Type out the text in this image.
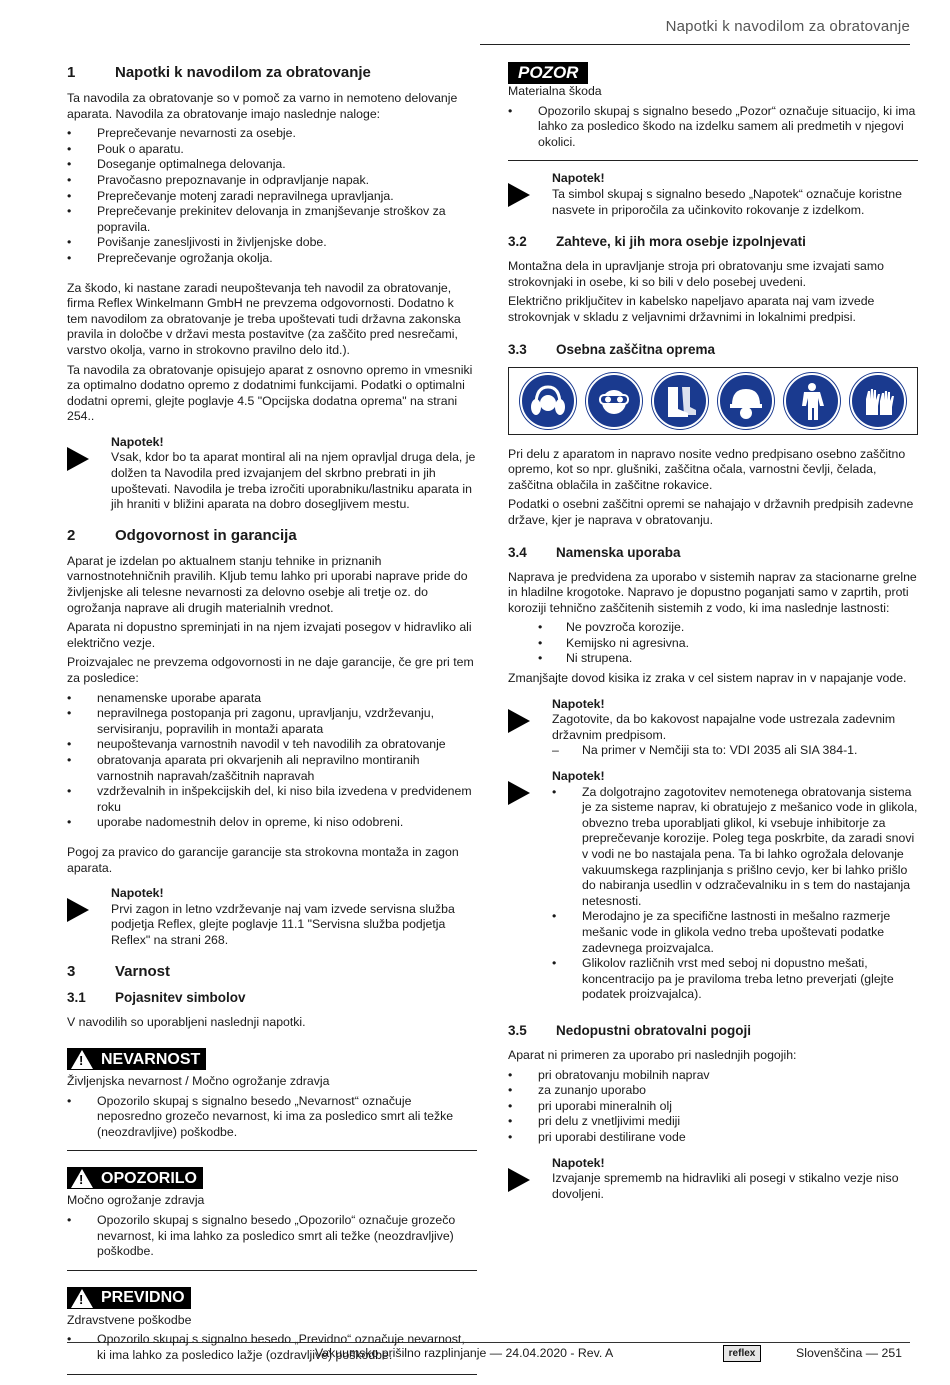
Napotki k navodilom za obratovanje
1	Napotki k navodilom za obratovanje

Ta navodila za obratovanje so v pomoč za varno in nemoteno delovanje aparata. Navodila za obratovanje imajo naslednje naloge:

• Preprečevanje nevarnosti za osebje.
• Pouk o aparatu.
• Doseganje optimalnega delovanja.
• Pravočasno prepoznavanje in odpravljanje napak.
• Preprečevanje motenj zaradi nepravilnega upravljanja.
• Preprečevanje prekinitev delovanja in zmanjševanje stroškov za popravila.
• Povišanje zanesljivosti in življenjske dobe.
• Preprečevanje ogrožanja okolja.

Za škodo, ki nastane zaradi neupoštevanja teh navodil za obratovanje, firma Reflex Winkelmann GmbH ne prevzema odgovornosti. Dodatno k tem navodilom za obratovanje je treba upoštevati tudi državna zakonska pravila in določbe v državi mesta postavitve (za zaščito pred nesrečami, varstvo okolja, varno in strokovno pravilno delo itd.).

Ta navodila za obratovanje opisujejo aparat z osnovno opremo in vmesniki za optimalno dodatno opremo z dodatnimi funkcijami. Podatki o optimalni dodatni opremi, glejte poglavje 4.5 "Opcijska dodatna oprema" na strani 254..

Napotek!

Vsak, kdor bo ta aparat montiral ali na njem opravljal druga dela, je dolžen ta Navodila pred izvajanjem del skrbno prebrati in jih upoštevati. Navodila je treba izročiti uporabniku/lastniku aparata in jih hraniti v bližini aparata na dobro dosegljivem mestu.

2	Odgovornost in garancija

Aparat je izdelan po aktualnem stanju tehnike in priznanih varnostnotehničnih pravilih. Kljub temu lahko pri uporabi naprave pride do življenjske ali telesne nevarnosti za delovno osebje ali tretje oz. do ogrožanja naprave ali drugih materialnih vrednot.

Aparata ni dopustno spreminjati in na njem izvajati posegov v hidravliko ali električno vezje.

Proizvajalec ne prevzema odgovornosti in ne daje garancije, če gre pri tem za posledice:

• nenamenske uporabe aparata
• nepravilnega postopanja pri zagonu, upravljanju, vzdrževanju, servisiranju, popravilih in montaži aparata
• neupoštevanja varnostnih navodil v teh navodilih za obratovanje
• obratovanja aparata pri okvarjenih ali nepravilno montiranih varnostnih napravah/zaščitnih napravah
• vzdrževalnih in inšpekcijskih del, ki niso bila izvedena v predvidenem roku
• uporabe nadomestnih delov in opreme, ki niso odobreni.

Pogoj za pravico do garancije garancije sta strokovna montaža in zagon aparata.

Napotek!

Prvi zagon in letno vzdrževanje naj vam izvede servisna služba podjetja Reflex, glejte poglavje 11.1 "Servisna služba podjetja Reflex" na strani 268.

3	Varnost
3.1	Pojasnitev simbolov

V navodilih so uporabljeni naslednji napotki.

!
NEVARNOST

Življenjska nevarnost / Močno ogrožanje zdravja

• Opozorilo skupaj s signalno besedo „Nevarnost“ označuje neposredno grozečo nevarnost, ki ima za posledico smrt ali težke (neozdravljive) poškodbe.
!
OPOZORILO

Močno ogrožanje zdravja

• Opozorilo skupaj s signalno besedo „Opozorilo“ označuje grozečo nevarnost, ki ima lahko za posledico smrt ali težke (neozdravljive) poškodbe.
!
PREVIDNO

Zdravstvene poškodbe

• Opozorilo skupaj s signalno besedo „Previdno“ označuje nevarnost, ki ima lahko za posledico lažje (ozdravljive) poškodbe.
POZOR

Materialna škoda

• Opozorilo skupaj s signalno besedo „Pozor“ označuje situacijo, ki ima lahko za posledico škodo na izdelku samem ali predmetih v njegovi okolici.

Napotek!

Ta simbol skupaj s signalno besedo „Napotek“ označuje koristne nasvete in priporočila za učinkovito rokovanje z izdelkom.

3.2	Zahteve, ki jih mora osebje izpolnjevati

Montažna dela in upravljanje stroja pri obratovanju sme izvajati samo strokovnjaki in osebe, ki so bili v delo posebej uvedeni.

Električno priključitev in kabelsko napeljavo aparata naj vam izvede strokovnjak v skladu z veljavnimi državnimi in lokalnimi predpisi.

3.3	Osebna zaščitna oprema

Pri delu z aparatom in napravo nosite vedno predpisano osebno zaščitno opremo, kot so npr. glušniki, zaščitna očala, varnostni čevlji, čelada, zaščitna oblačila in zaščitne rokavice.

Podatki o osebni zaščitni opremi se nahajajo v državnih predpisih zadevne države, kjer je naprava v obratovanju.

3.4	Namenska uporaba

Naprava je predvidena za uporabo v sistemih naprav za stacionarne grelne in hladilne krogotoke. Napravo je dopustno poganjati samo v zaprtih, proti koroziji tehnično zaščitenih sistemih z vodo, ki ima naslednje lastnosti:

• Ne povzroča korozije.
• Kemijsko ni agresivna.
• Ni strupena.

Zmanjšajte dovod kisika iz zraka v cel sistem naprav in v napajanje vode.

Napotek!

Zagotovite, da bo kakovost napajalne vode ustrezala zadevnim državnim predpisom.

– Na primer v Nemčiji sta to: VDI 2035 ali SIA 384-1.

Napotek!

• Za dolgotrajno zagotovitev nemotenega obratovanja sistema je za sisteme naprav, ki obratujejo z mešanico vode in glikola, obvezno treba uporabljati glikol, ki vsebuje inhibitorje za preprečevanje korozije. Poleg tega poskrbite, da zaradi snovi v vodi ne bo nastajala pena. Ta bi lahko ogrožala delovanje vakuumskega razplinjanja s prišlno cevjo, ker bi lahko prišlo do nabiranja usedlin v odzračevalniku in s tem do nastajanja netesnosti.
• Merodajno je za specifične lastnosti in mešalno razmerje mešanic vode in glikola vedno treba upoštevati podatke zadevnega proizvajalca.
• Glikolov različnih vrst med seboj ni dopustno mešati, koncentracijo pa je praviloma treba letno preverjati (glejte podatek proizvajalca).
3.5	Nedopustni obratovalni pogoji

Aparat ni primeren za uporabo pri naslednjih pogojih:

• pri obratovanju mobilnih naprav
• za zunanjo uporabo
• pri uporabi mineralnih olj
• pri delu z vnetljivimi mediji
• pri uporabi destilirane vode

Napotek!

Izvajanje sprememb na hidravliki ali posegi v stikalno vezje niso dovoljeni.

Vakuumsko prišilno razplinjanje — 24.04.2020 - Rev. A	reflex	Slovenščina — 251
